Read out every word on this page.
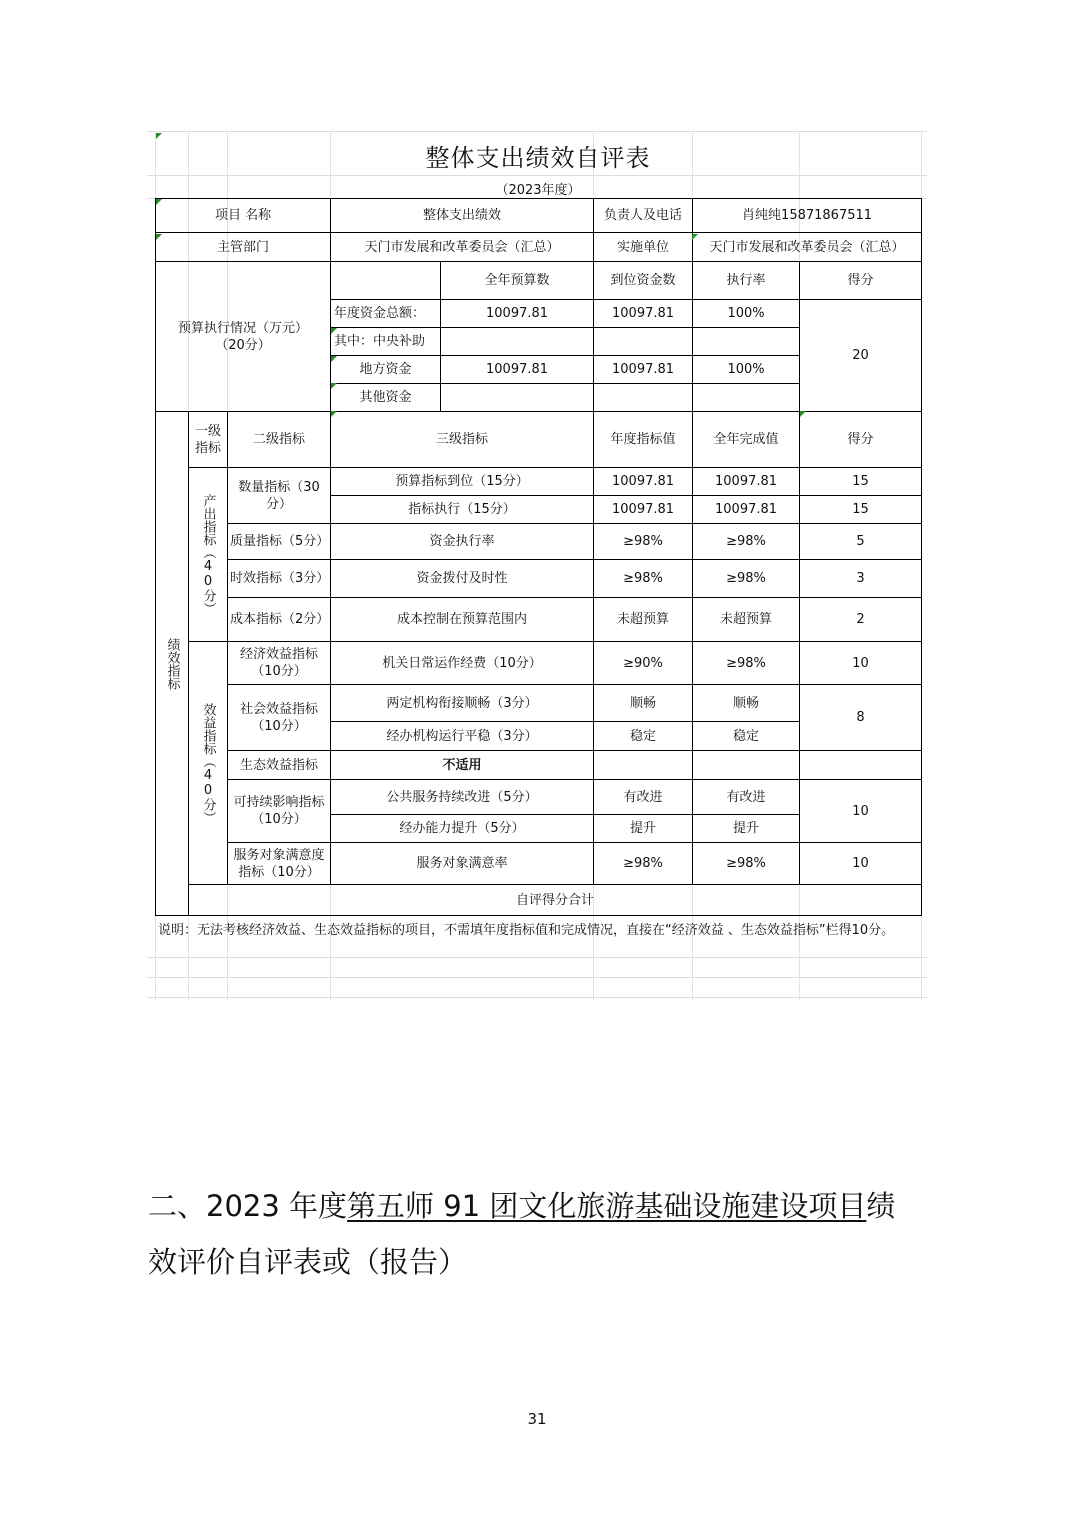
整体支出绩效自评表
（2023年度）
项目 名称			整体支出绩效		负责人及电话	肖纯纯15871867511		
主管部门			天门市发展和改革委员会（汇总）		实施单位	天门市发展和改革委员会（汇总）		

预算执行情况（万元）
（20分）				全年预算数	到位资金数	执行率	得分	
			年度资金总额：	10097.81	10097.81	100%	20	
			其中：中央补助					
			地方资金	10097.81	10097.81	100%		
			其他资金					
绩效指标	一级指标	二级指标	三级指标		年度指标值	全年完成值	得分	
	产出指标（40分）	数量指标（30分）	预算指标到位（15分）		10097.81	10097.81	15	
			指标执行（15分）		10097.81	10097.81	15	
		质量指标（5分）	资金执行率		≥98%	≥98%	5	
		时效指标（3分）	资金拨付及时性		≥98%	≥98%	3	
		成本指标（2分）	成本控制在预算范围内		未超预算	未超预算	2	
	效益指标（40分）	经济效益指标（10分）	机关日常运作经费（10分）		≥90%	≥98%	10	
		社会效益指标（10分）	两定机构衔接顺畅（3分）		顺畅	顺畅	8	
			经办机构运行平稳（3分）		稳定	稳定		
		生态效益指标	不适用					
		可持续影响指标（10分）	公共服务持续改进（5分）		有改进	有改进	10	
			经办能力提升（5分）		提升	提升		
		服务对象满意度指标（10分）	服务对象满意率		≥98%	≥98%	10	
	自评得分合计	
说明：无法考核经济效益、生态效益指标的项目，不需填年度指标值和完成情况，直接在“经济效益 、生态效益指标”栏得10分。
二、2023 年度第五师 91 团文化旅游基础设施建设项目绩
效评价自评表或（报告）
31
